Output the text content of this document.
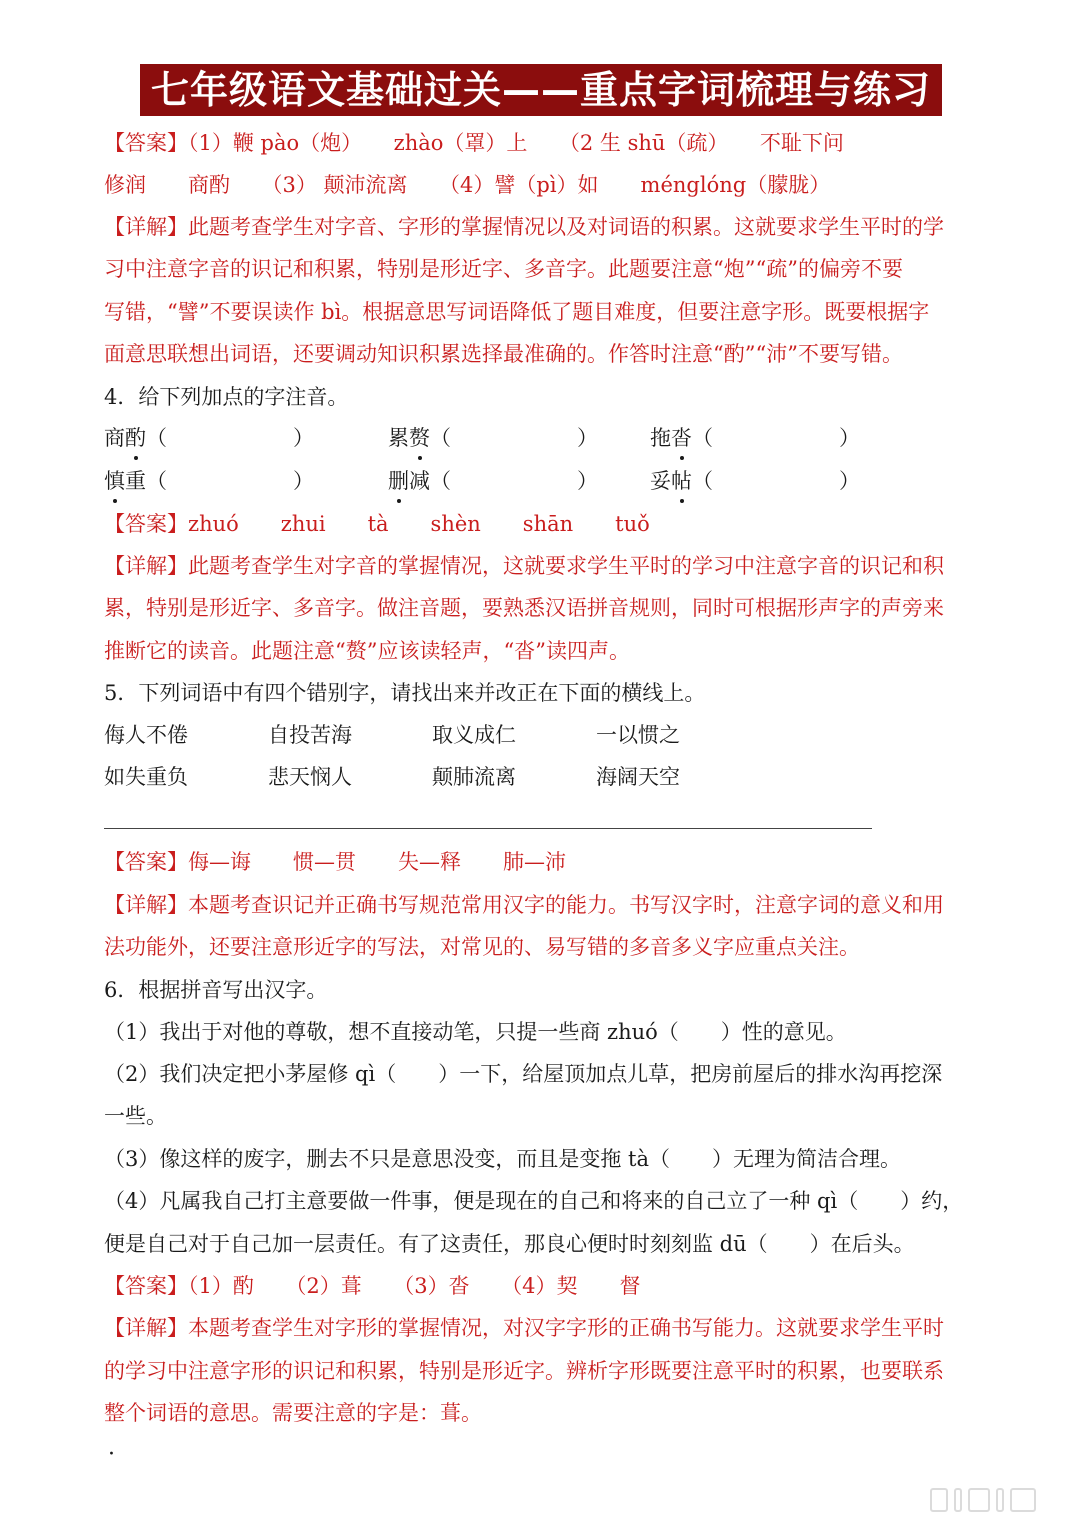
七年级语文基础过关——重点字词梳理与练习
【答案】（1）鞭 pào（炮）　　zhào（罩）上　　（2 生 shū（疏）　　不耻下问
修润　　商酌　　（3） 颠沛流离　　（4）譬（pì）如　　ménglóng（朦胧）
【详解】此题考查学生对字音、字形的掌握情况以及对词语的积累。这就要求学生平时的学
习中注意字音的识记和积累，特别是形近字、多音字。此题要注意“炮”“疏”的偏旁不要
写错，“譬”不要误读作 bì。根据意思写词语降低了题目难度，但要注意字形。既要根据字
面意思联想出词语，还要调动知识积累选择最准确的。作答时注意“酌”“沛”不要写错。
4．给下列加点的字注音。
商酌（　　　　　　）	累赘（　　　　　　） 拖沓（　　　　　　）
慎重（　　　　　　）	删减（　　　　　　） 妥帖（　　　　　　）
【答案】zhuó　　zhui　　tà　　shèn　　shān　　tuǒ
【详解】此题考查学生对字音的掌握情况，这就要求学生平时的学习中注意字音的识记和积
累，特别是形近字、多音字。做注音题，要熟悉汉语拼音规则，同时可根据形声字的声旁来
推断它的读音。此题注意“赘”应该读轻声，“沓”读四声。
5．下列词语中有四个错别字，请找出来并改正在下面的横线上。
侮人不倦	自投苦海	取义成仁	一以惯之
如失重负	悲天悯人	颠肺流离	海阔天空
【答案】侮—诲　　惯—贯　　失—释　　肺—沛
【详解】本题考查识记并正确书写规范常用汉字的能力。书写汉字时，注意字词的意义和用
法功能外，还要注意形近字的写法，对常见的、易写错的多音多义字应重点关注。
6．根据拼音写出汉字。
（1）我出于对他的尊敬，想不直接动笔，只提一些商 zhuó（　　）性的意见。
（2）我们决定把小茅屋修 qì（　　）一下，给屋顶加点儿草，把房前屋后的排水沟再挖深
一些。
（3）像这样的废字，删去不只是意思没变，而且是变拖 tà（　　）无理为简洁合理。
（4）凡属我自己打主意要做一件事，便是现在的自己和将来的自己立了一种 qì（　　）约，
便是自己对于自己加一层责任。有了这责任，那良心便时时刻刻监 dū（　　）在后头。
【答案】（1）酌　　（2）葺　　（3）沓　　（4）契　　督
【详解】本题考查学生对字形的掌握情况，对汉字字形的正确书写能力。这就要求学生平时
的学习中注意字形的识记和积累，特别是形近字。辨析字形既要注意平时的积累，也要联系
整个词语的意思。需要注意的字是：葺。
·
